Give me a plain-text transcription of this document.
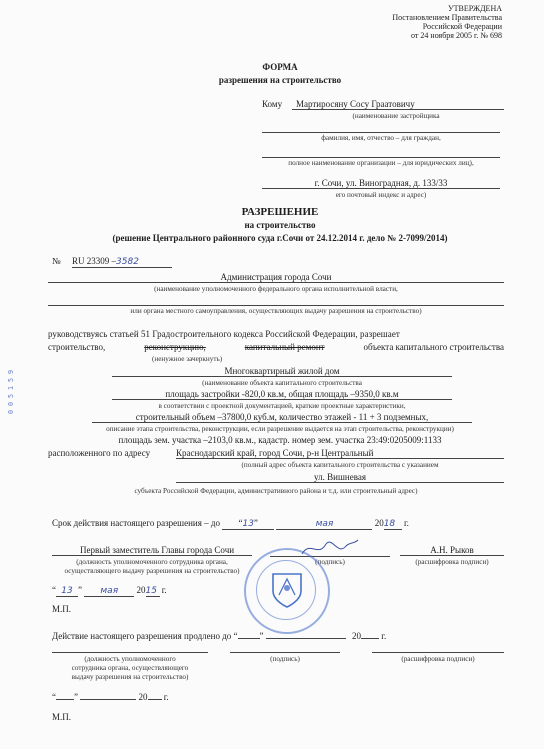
УТВЕРЖДЕНА
Постановлением Правительства
Российской Федерации
от 24 ноября 2005 г. № 698
ФОРМА
разрешения на строительство
Кому	Мартиросяну Сосу Граатовичу
(наименование застройщика
фамилия, имя, отчество – для граждан,
полное наименование организации – для юридических лиц),
г. Сочи, ул. Виноградная, д. 133/33
его почтовый индекс и адрес)
РАЗРЕШЕНИЕ
на строительство
(решение Центрального районного суда г.Сочи от 24.12.2014 г. дело № 2-7099/2014)
№ RU 23309 –3582
Администрация города Сочи
(наименование уполномоченного федерального органа исполнительной власти,
или органа местного самоуправления, осуществляющих выдачу разрешения на строительство)
руководствуясь статьей 51 Градостроительного кодекса Российской Федерации, разрешает
строительство,	реконструкцию,	капитальный ремонт	объекта капитального строительства
(ненужное зачеркнуть)
Многоквартирный жилой дом
(наименование объекта капитального строительства
площадь застройки -820,0 кв.м, общая площадь –9350,0 кв.м
в соответствии с проектной документацией, краткие проектные характеристики,
строительный объем –37800,0 куб.м, количество этажей - 11 + 3 подземных,
описание этапа строительства, реконструкции, если разрешение выдается на этап строительства, реконструкции)
площадь зем. участка –2103,0 кв.м., кадастр. номер зем. участка 23:49:0205009:1133
расположенного по адресу	Краснодарский край, город Сочи, р-н Центральный
(полный адрес объекта капитального строительства с указанием
ул. Вишневая
субъекта Российской Федерации, административного района и т.д. или строительный адрес)
Срок действия настоящего разрешения – до “13”	мая	2018 г.
Первый заместитель Главы города Сочи	А.Н. Рыков
(должность уполномоченного сотрудника органа,
осуществляющего выдачу разрешения на строительство)
(подпись)	(расшифровка подписи)
“ 13 ” мая 2015 г.
М.П.
Действие настоящего разрешения продлено до “ ”	20 г.
(должность уполномоченного
сотрудника органа, осуществляющего
выдачу разрешения на строительство)
(подпись)	(расшифровка подписи)
“ ”	20 г.
М.П.
9
5
1
5
0
0
